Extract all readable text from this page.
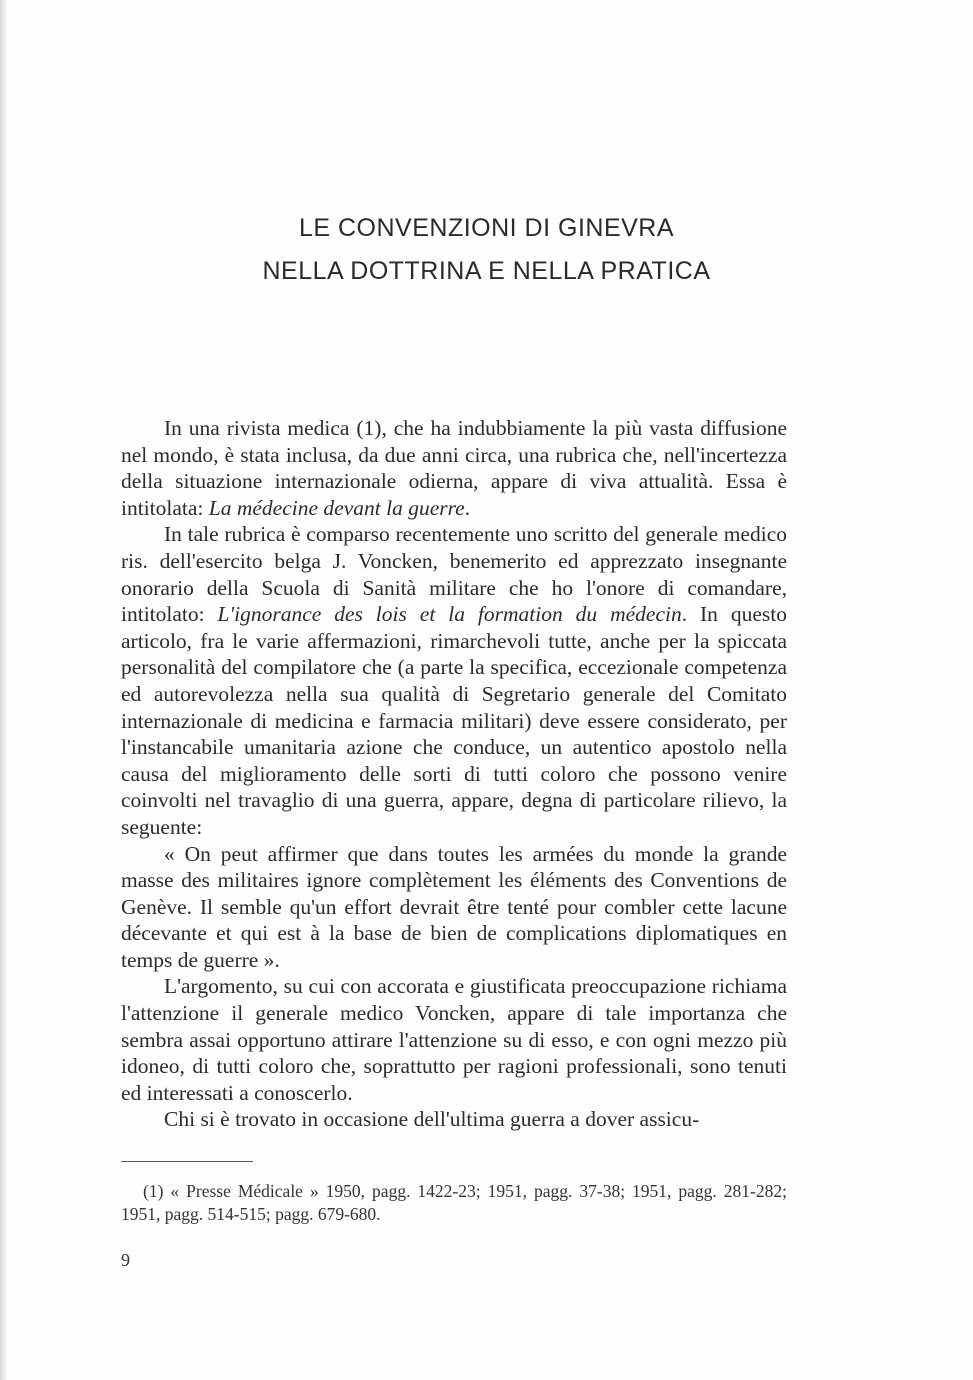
LE CONVENZIONI DI GINEVRA
NELLA DOTTRINA E NELLA PRATICA

In una rivista medica (1), che ha indubbiamente la più vasta diffusione nel mondo, è stata inclusa, da due anni circa, una rubrica che, nell'incertezza della situazione internazionale odierna, appare di viva attualità. Essa è intitolata: La médecine devant la guerre.

In tale rubrica è comparso recentemente uno scritto del generale medico ris. dell'esercito belga J. Voncken, benemerito ed apprezzato insegnante onorario della Scuola di Sanità militare che ho l'onore di comandare, intitolato: L'ignorance des lois et la formation du médecin. In questo articolo, fra le varie affermazioni, rimarchevoli tutte, anche per la spiccata personalità del compilatore che (a parte la specifica, eccezionale competenza ed autorevolezza nella sua qualità di Segretario generale del Comitato internazionale di medicina e farmacia militari) deve essere considerato, per l'instancabile umanitaria azione che conduce, un autentico apostolo nella causa del miglioramento delle sorti di tutti coloro che possono venire coinvolti nel travaglio di una guerra, appare, degna di particolare rilievo, la seguente:

« On peut affirmer que dans toutes les armées du monde la grande masse des militaires ignore complètement les éléments des Conventions de Genève. Il semble qu'un effort devrait être tenté pour combler cette lacune décevante et qui est à la base de bien de complications diplomatiques en temps de guerre ».

L'argomento, su cui con accorata e giustificata preoccupazione richiama l'attenzione il generale medico Voncken, appare di tale importanza che sembra assai opportuno attirare l'attenzione su di esso, e con ogni mezzo più idoneo, di tutti coloro che, soprattutto per ragioni professionali, sono tenuti ed interessati a conoscerlo.

Chi si è trovato in occasione dell'ultima guerra a dover assicu-

(1) « Presse Médicale » 1950, pagg. 1422-23; 1951, pagg. 37-38; 1951, pagg. 281-282; 1951, pagg. 514-515; pagg. 679-680.

9
